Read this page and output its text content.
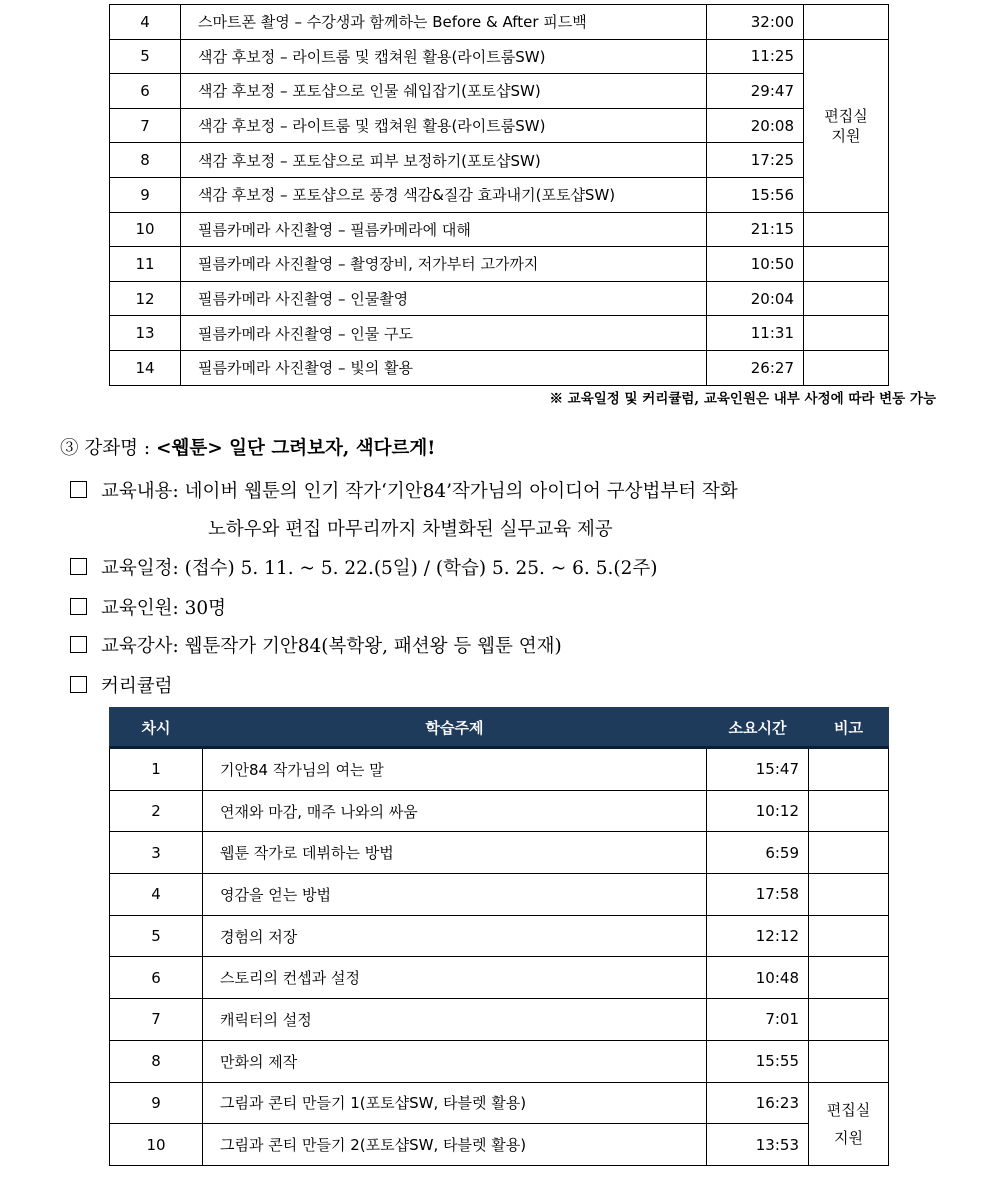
4	스마트폰 촬영 – 수강생과 함께하는 Before & After 피드백	32:00	
5	색감 후보정 – 라이트룸 및 캡쳐원 활용(라이트룸SW)	11:25	편집실
지원

6	색감 후보정 – 포토샵으로 인물 쉐입잡기(포토샵SW)	29:47	
7	색감 후보정 – 라이트룸 및 캡쳐원 활용(라이트룸SW)	20:08	
8	색감 후보정 – 포토샵으로 피부 보정하기(포토샵SW)	17:25	
9	색감 후보정 – 포토샵으로 풍경 색감&질감 효과내기(포토샵SW)	15:56	
10	필름카메라 사진촬영 – 필름카메라에 대해	21:15	
11	필름카메라 사진촬영 – 촬영장비, 저가부터 고가까지	10:50	
12	필름카메라 사진촬영 – 인물촬영	20:04	
13	필름카메라 사진촬영 – 인물 구도	11:31	
14	필름카메라 사진촬영 – 빛의 활용	26:27	
※ 교육일정 및 커리큘럼, 교육인원은 내부 사정에 따라 변동 가능
③ 강좌명 : <웹툰> 일단 그려보자, 색다르게!
교육내용: 네이버 웹툰의 인기 작가‘기안84’작가님의 아이디어 구상법부터 작화
노하우와 편집 마무리까지 차별화된 실무교육 제공
교육일정: (접수) 5. 11. ~ 5. 22.(5일) / (학습) 5. 25. ~ 6. 5.(2주)
교육인원: 30명
교육강사: 웹툰작가 기안84(복학왕, 패션왕 등 웹툰 연재)
커리큘럼
차시	학습주제	소요시간	비고
1	기안84 작가님의 여는 말	15:47	
2	연재와 마감, 매주 나와의 싸움	10:12	
3	웹툰 작가로 데뷔하는 방법	6:59	
4	영감을 얻는 방법	17:58	
5	경험의 저장	12:12	
6	스토리의 컨셉과 설정	10:48	
7	캐릭터의 설정	7:01	
8	만화의 제작	15:55	
9	그림과 콘티 만들기 1(포토샵SW, 타블렛 활용)	16:23	편집실
지원

10	그림과 콘티 만들기 2(포토샵SW, 타블렛 활용)	13:53	
